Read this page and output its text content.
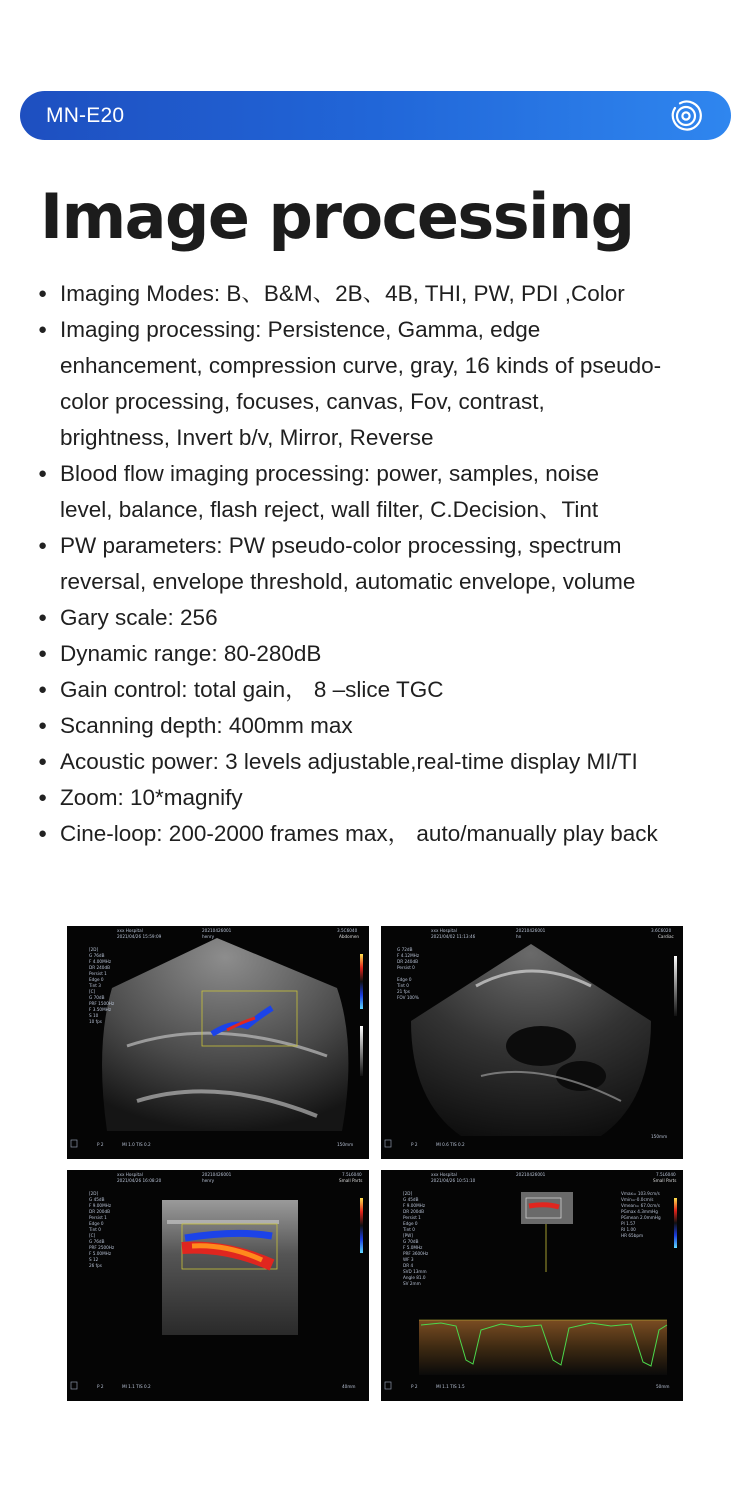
MN-E20
Image processing
● Imaging Modes: B、B&M、2B、4B, THI, PW, PDI ,Color
● Imaging processing: Persistence, Gamma, edge
enhancement, compression curve, gray, 16 kinds of pseudo-
color processing, focuses, canvas, Fov, contrast,
brightness, Invert b/v, Mirror, Reverse
● Blood flow imaging processing: power, samples, noise
level, balance, flash reject, wall filter, C.Decision、Tint
● PW parameters: PW pseudo-color processing, spectrum
reversal, envelope threshold, automatic envelope, volume
● Gary scale: 256
● Dynamic range: 80-280dB
● Gain control: total gain， 8 –slice TGC
● Scanning depth: 400mm max
● Acoustic power: 3 levels adjustable,real-time display MI/TI
● Zoom: 10*magnify
● Cine-loop: 200-2000 frames max， auto/manually play back
xxx Hospital	20210426001	3.5C6040
2021/04/26 15:59:09	henry	Abdomen
[2D]
G 76dB
F 4.00MHz
DR 240dB
Persist 1
Edge 0
Tint 3
[C]
G 70dB
PRF 1500Hz
F 3.50MHz
S 10
10 fps
P 2	MI 1.0 TIS 0.2	150mm
xxx Hospital	20210426001	3.6C6020
2021/04/02 11:13:46	hn	Cardiac
G 72dB
F 4.12MHz
DR 240dB
Persist 0
Edge 0
Tint 0
21 fps
FOV 100%
P 2	MI 0.6 TIS 0.2
150mm
xxx Hospital	20210426001	7.5L6040
2021/04/26 16:08:20	henry	Small Parts
[2D]
G 45dB
F 9.00MHz
DR 200dB
Persist 1
Edge 0
Tint 0
[C]
G 76dB
PRF 2500Hz
F 5.00MHz
S 12
26 fps
P 2	MI 1.1 TIS 0.2	40mm
xxx Hospital	20210426001	7.5L6040
2021/04/26 10:51:10	Small Parts
[2D]
G 45dB
F 9.00MHz
DR 200dB
Persist 1
Edge 0
Tint 0
[PW]
G 70dB
F 5.0MHz
PRF 3600Hz
WF 3
DR 4
SVD 13mm
Angle 81.0
SV 2mm
Vmax= 103.9cm/s
Vmin=-0.0cm/s
Vmean= 67.0cm/s
PGmax 4.3mmHg
PGmean 2.0mmHg
PI 1.57
RI 1.00
HR 65bpm
P 2	MI 1.1 TIS 1.5	50mm
